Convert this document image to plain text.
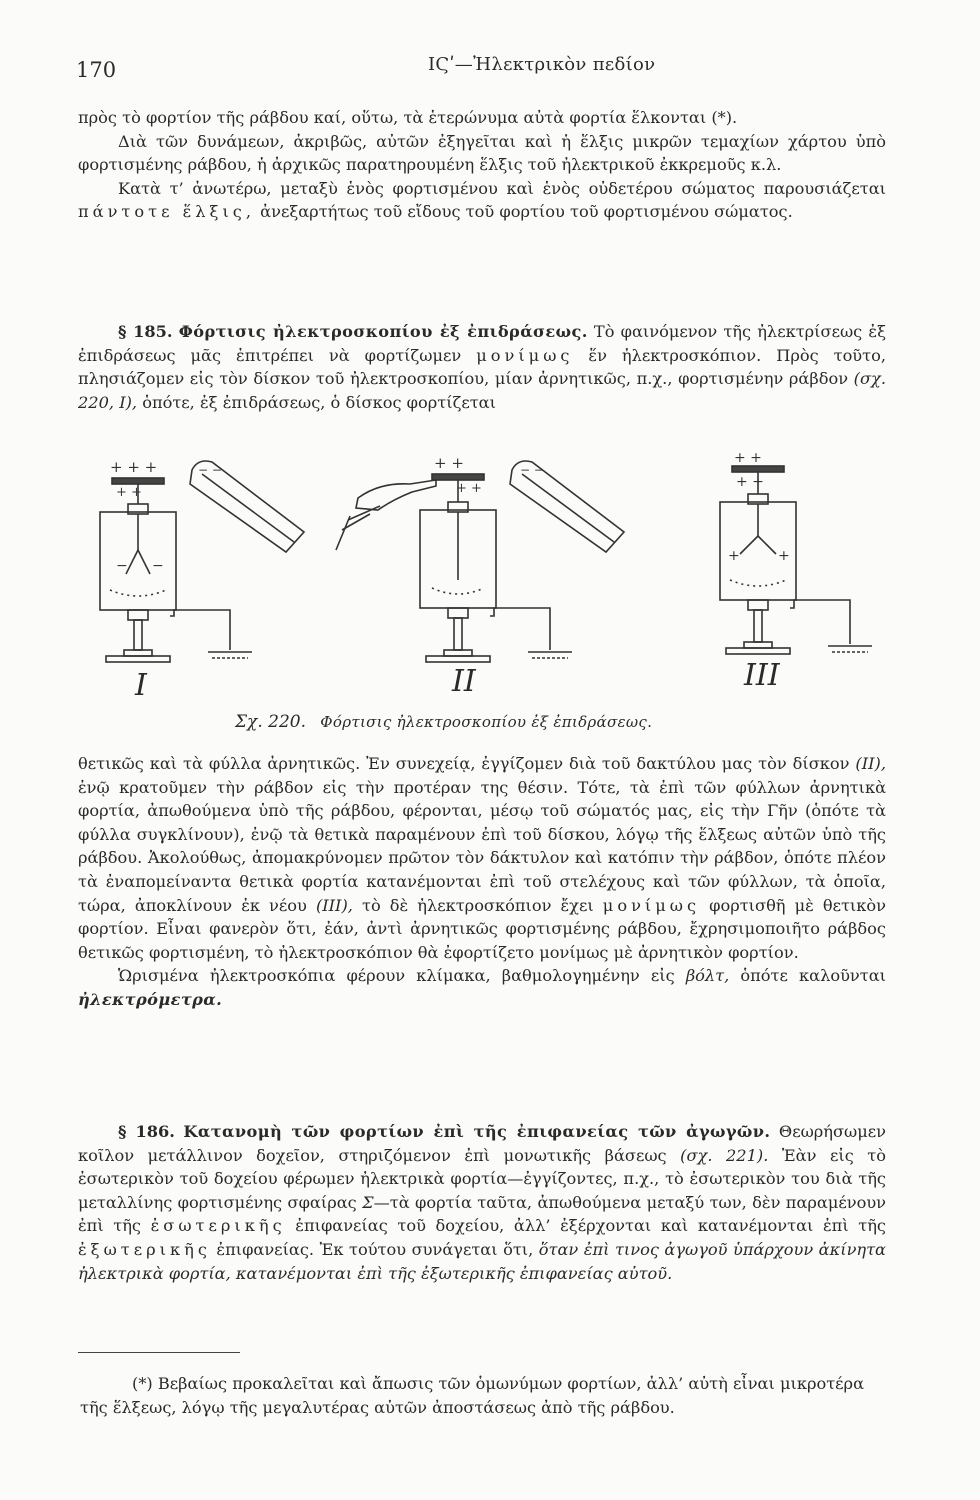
170	ΙϚʹ—Ἠλεκτρικὸν πεδίον

πρὸς τὸ φορτίον τῆς ράβδου καί, οὕτω, τὰ ἑτερώνυμα αὐτὰ φορτία ἕλκονται (*).

Διὰ τῶν δυνάμεων, ἀκριβῶς, αὐτῶν ἐξηγεῖται καὶ ἡ ἕλξις μικρῶν τεμαχίων χάρτου ὑπὸ φορτισμένης ράβδου, ἡ ἀρχικῶς παρατηρουμένη ἕλξις τοῦ ἠλεκτρικοῦ ἐκκρεμοῦς κ.λ.

Κατὰ τ’ ἀνωτέρω, μεταξὺ ἑνὸς φορτισμένου καὶ ἑνὸς οὐδετέρου σώματος παρουσιάζεται πάντοτε ἕλξις, ἀνεξαρτήτως τοῦ εἴδους τοῦ φορτίου τοῦ φορτισμένου σώματος.

§ 185. Φόρτισις ἠλεκτροσκοπίου ἐξ ἐπιδράσεως. Τὸ φαινόμενον τῆς ἠλεκτρίσεως ἐξ ἐπιδράσεως μᾶς ἐπιτρέπει νὰ φορτίζωμεν μονίμως ἕν ἠλεκτροσκόπιον. Πρὸς τοῦτο, πλησιάζομεν εἰς τὸν δίσκον τοῦ ἠλεκτροσκοπίου, μίαν ἀρνητικῶς, π.χ., φορτισμένην ράβδον (σχ. 220, I), ὁπότε, ἐξ ἐπιδράσεως, ὁ δίσκος φορτίζεται

+ + +
+ +
− −
− −	+ +
+ +
− −
+ +
+ +
+	+
I	II	III
Σχ. 220. Φόρτισις ἠλεκτροσκοπίου ἐξ ἐπιδράσεως.

θετικῶς καὶ τὰ φύλλα ἀρνητικῶς. Ἐν συνεχείᾳ, ἐγγίζομεν διὰ τοῦ δακτύλου μας τὸν δίσκον (II), ἐνῷ κρατοῦμεν τὴν ράβδον εἰς τὴν προτέραν της θέσιν. Τότε, τὰ ἐπὶ τῶν φύλλων ἀρνητικὰ φορτία, ἀπωθούμενα ὑπὸ τῆς ράβδου, φέρονται, μέσῳ τοῦ σώματός μας, εἰς τὴν Γῆν (ὁπότε τὰ φύλλα συγκλίνουν), ἐνῷ τὰ θετικὰ παραμένουν ἐπὶ τοῦ δίσκου, λόγῳ τῆς ἕλξεως αὐτῶν ὑπὸ τῆς ράβδου. Ἀκολούθως, ἀπομακρύνομεν πρῶτον τὸν δάκτυλον καὶ κατόπιν τὴν ράβδον, ὁπότε πλέον τὰ ἐναπομείναντα θετικὰ φορτία κατανέμονται ἐπὶ τοῦ στελέχους καὶ τῶν φύλλων, τὰ ὁποῖα, τώρα, ἀποκλίνουν ἐκ νέου (III), τὸ δὲ ἠλεκτροσκόπιον ἔχει μονίμως φορτισθῆ μὲ θετικὸν φορτίον. Εἶναι φανερὸν ὅτι, ἐάν, ἀντὶ ἀρνητικῶς φορτισμένης ράβδου, ἔχρησιμοποιῆτο ράβδος θετικῶς φορτισμένη, τὸ ἠλεκτροσκόπιον θὰ ἐφορτίζετο μονίμως μὲ ἀρνητικὸν φορτίον.

Ὡρισμένα ἠλεκτροσκόπια φέρουν κλίμακα, βαθμολογημένην εἰς βόλτ, ὁπότε καλοῦνται ἠλεκτρόμετρα.

§ 186. Κατανομὴ τῶν φορτίων ἐπὶ τῆς ἐπιφανείας τῶν ἀγωγῶν. Θεωρήσωμεν κοῖλον μετάλλινον δοχεῖον, στηριζόμενον ἐπὶ μονωτικῆς βάσεως (σχ. 221). Ἐὰν εἰς τὸ ἐσωτερικὸν τοῦ δοχείου φέρωμεν ἠλεκτρικὰ φορτία—ἐγγίζοντες, π.χ., τὸ ἐσωτερικὸν του διὰ τῆς μεταλλίνης φορτισμένης σφαίρας Σ—τὰ φορτία ταῦτα, ἀπωθούμενα μεταξύ των, δὲν παραμένουν ἐπὶ τῆς ἐσωτερικῆς ἐπιφανείας τοῦ δοχείου, ἀλλ’ ἐξέρχονται καὶ κατανέμονται ἐπὶ τῆς ἐξωτερικῆς ἐπιφανείας. Ἐκ τούτου συνάγεται ὅτι, ὅταν ἐπὶ τινος ἀγωγοῦ ὑπάρχουν ἀκίνητα ἠλεκτρικὰ φορτία, κατανέμονται ἐπὶ τῆς ἐξωτερικῆς ἐπιφανείας αὐτοῦ.

(*) Βεβαίως προκαλεῖται καὶ ἄπωσις τῶν ὁμωνύμων φορτίων, ἀλλ’ αὐτὴ εἶναι μικροτέρα τῆς ἕλξεως, λόγῳ τῆς μεγαλυτέρας αὐτῶν ἀποστάσεως ἀπὸ τῆς ράβδου.
